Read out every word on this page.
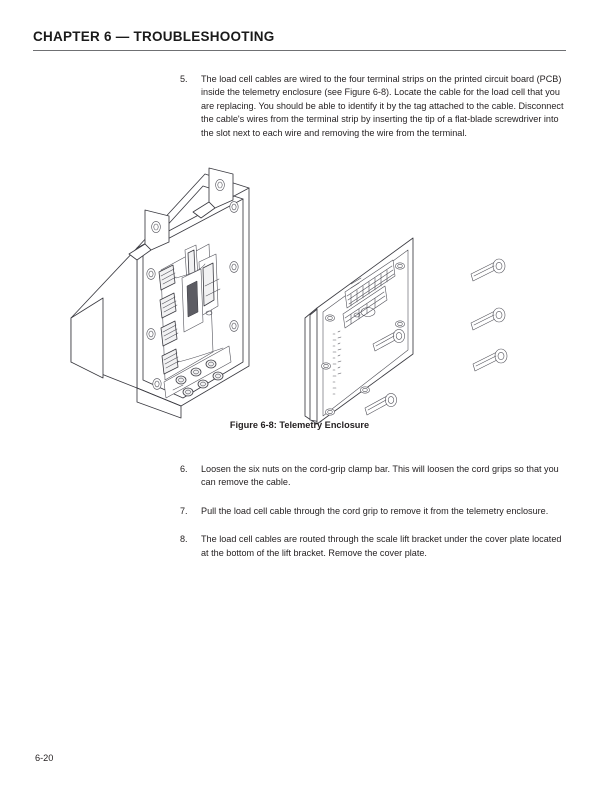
CHAPTER 6 — TROUBLESHOOTING
5.	The load cell cables are wired to the four terminal strips on the printed circuit board (PCB) inside the telemetry enclosure (see Figure 6-8). Locate the cable for the load cell that you are replacing. You should be able to identify it by the tag attached to the cable. Disconnect the cable's wires from the terminal strip by inserting the tip of a flat-blade screwdriver into the slot next to each wire and removing the wire from the terminal.
Figure 6-8: Telemetry Enclosure
6.	Loosen the six nuts on the cord-grip clamp bar. This will loosen the cord grips so that you can remove the cable.
7.	Pull the load cell cable through the cord grip to remove it from the telemetry enclosure.
8.	The load cell cables are routed through the scale lift bracket under the cover plate located at the bottom of the lift bracket. Remove the cover plate.
6-20
